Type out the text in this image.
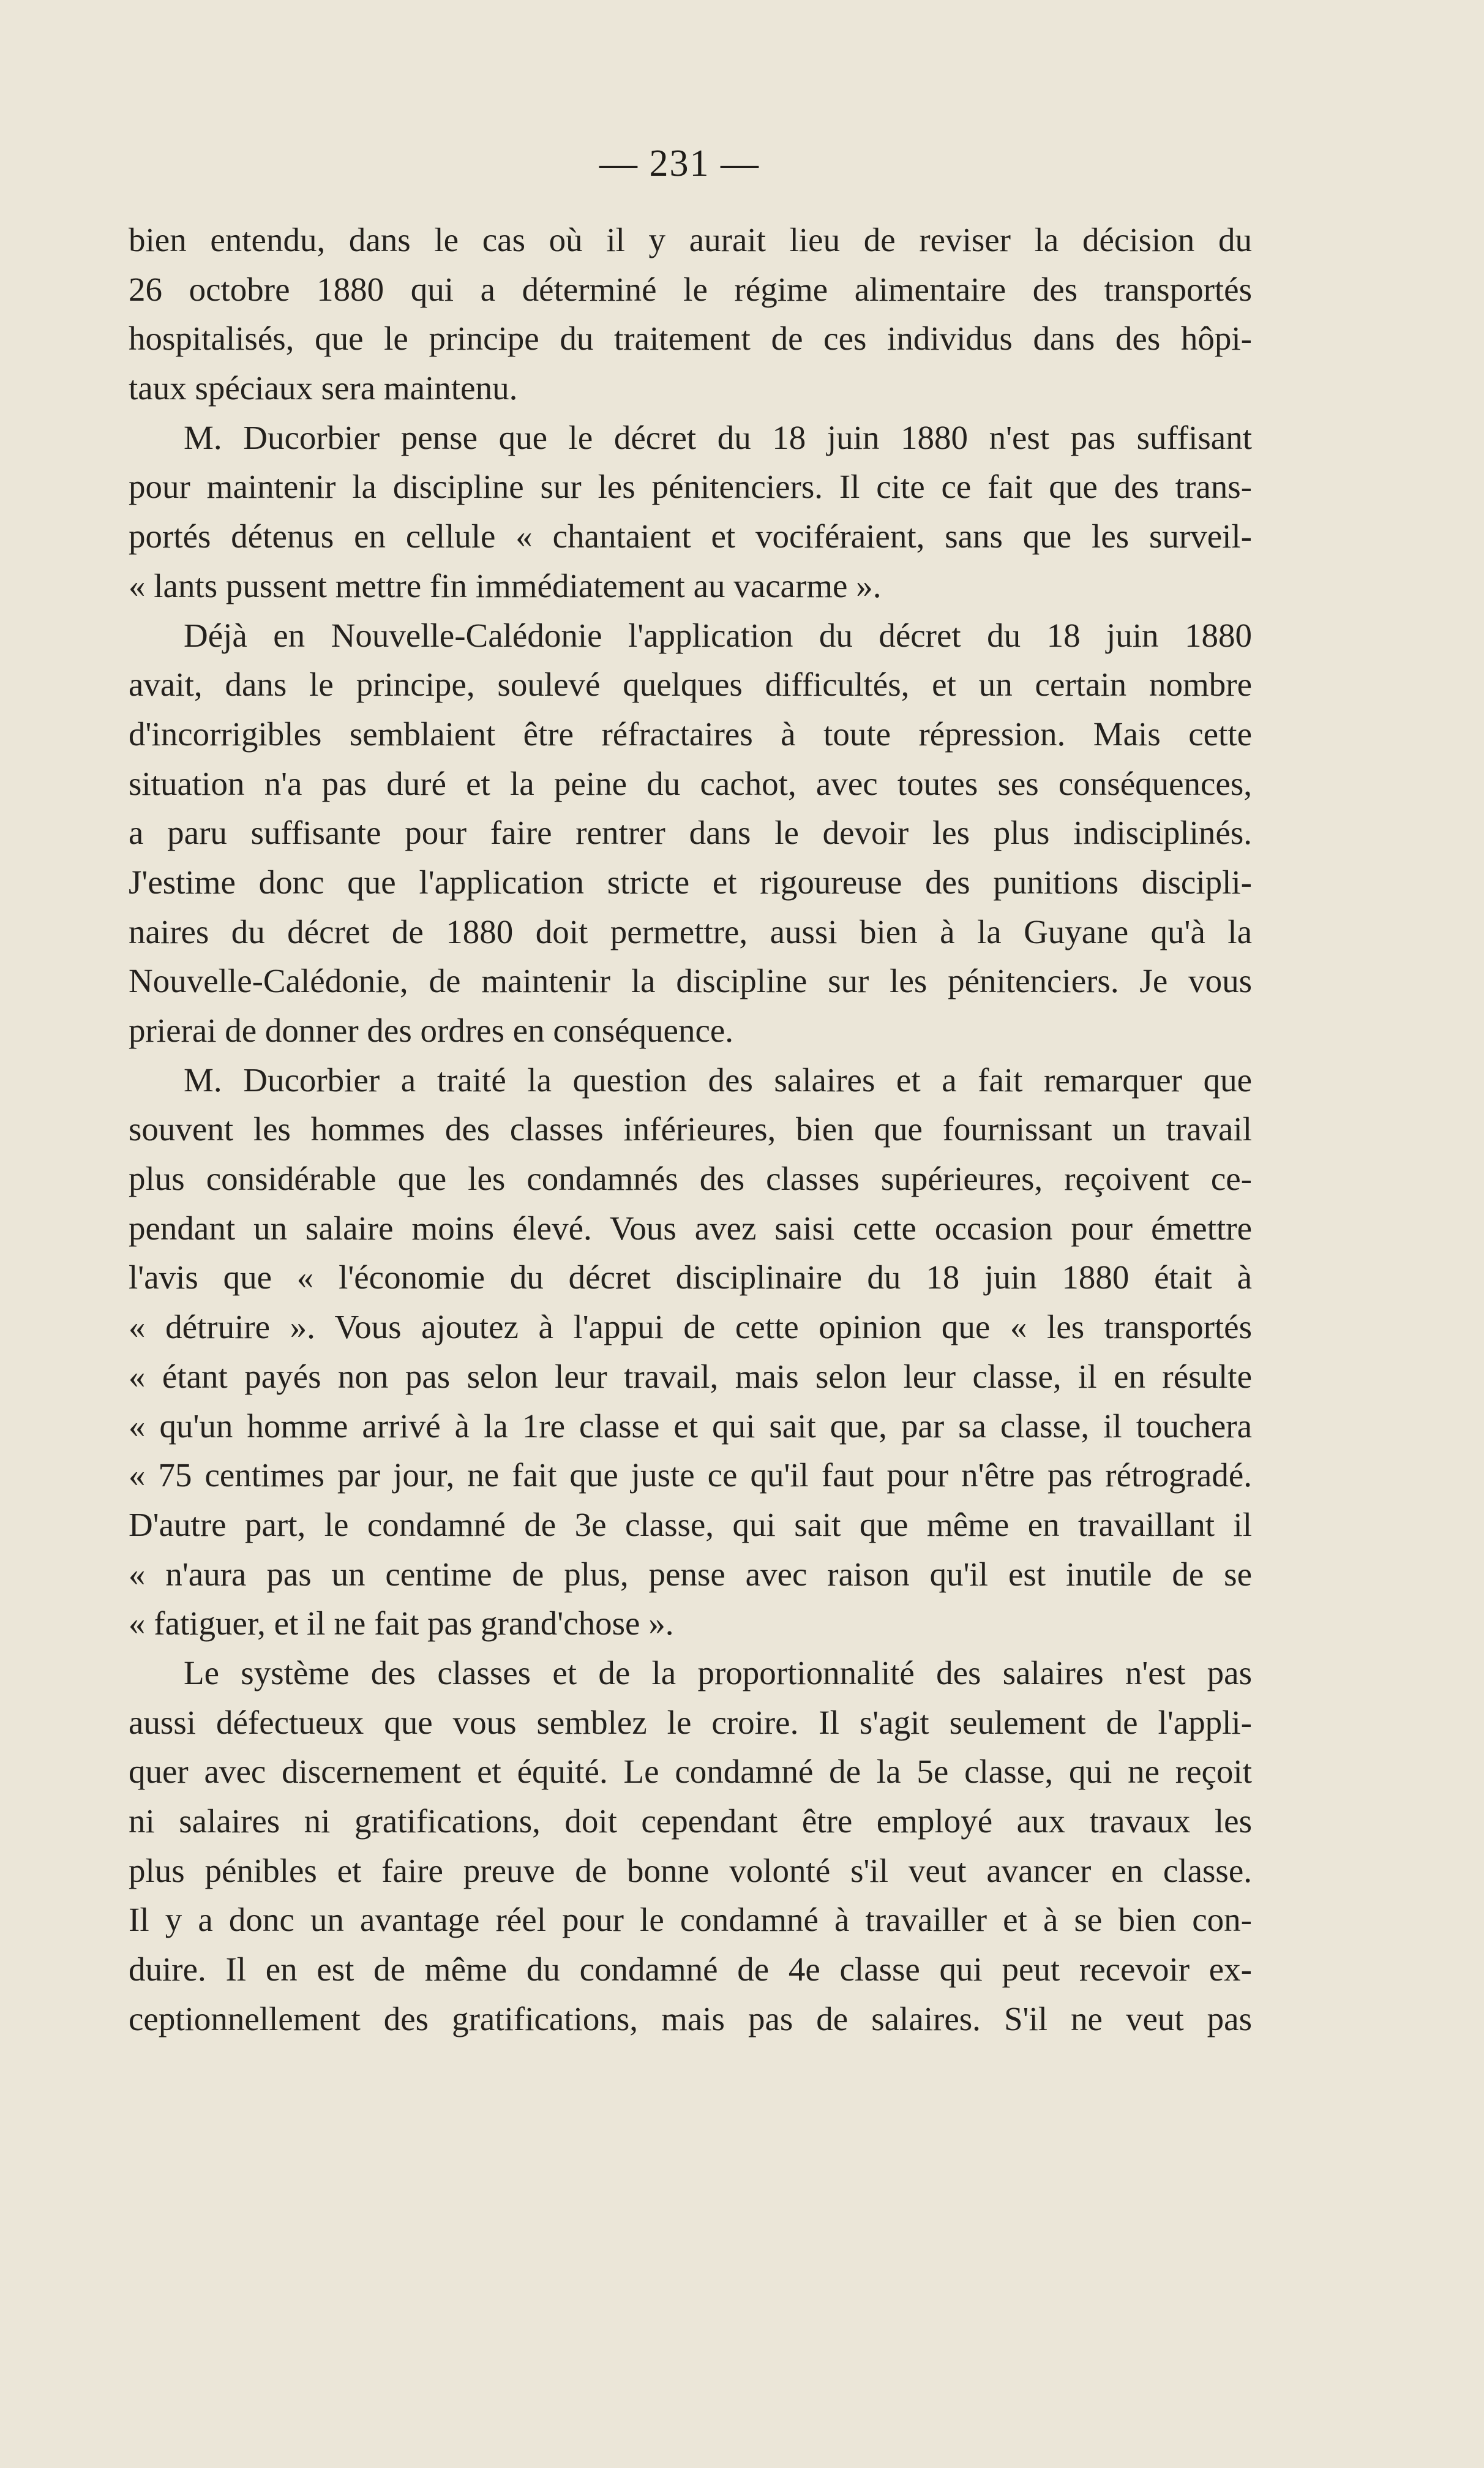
— 231 —
bien entendu, dans le cas où il y aurait lieu de reviser la décision du
26 octobre 1880 qui a déterminé le régime alimentaire des transportés
hospitalisés, que le principe du traitement de ces individus dans des hôpi-
taux spéciaux sera maintenu.
M. Ducorbier pense que le décret du 18 juin 1880 n'est pas suffisant
pour maintenir la discipline sur les pénitenciers. Il cite ce fait que des trans-
portés détenus en cellule « chantaient et vociféraient, sans que les surveil-
« lants pussent mettre fin immédiatement au vacarme ».
Déjà en Nouvelle-Calédonie l'application du décret du 18 juin 1880
avait, dans le principe, soulevé quelques difficultés, et un certain nombre
d'incorrigibles semblaient être réfractaires à toute répression. Mais cette
situation n'a pas duré et la peine du cachot, avec toutes ses conséquences,
a paru suffisante pour faire rentrer dans le devoir les plus indisciplinés.
J'estime donc que l'application stricte et rigoureuse des punitions discipli-
naires du décret de 1880 doit permettre, aussi bien à la Guyane qu'à la
Nouvelle-Calédonie, de maintenir la discipline sur les pénitenciers. Je vous
prierai de donner des ordres en conséquence.
M. Ducorbier a traité la question des salaires et a fait remarquer que
souvent les hommes des classes inférieures, bien que fournissant un travail
plus considérable que les condamnés des classes supérieures, reçoivent ce-
pendant un salaire moins élevé. Vous avez saisi cette occasion pour émettre
l'avis que « l'économie du décret disciplinaire du 18 juin 1880 était à
« détruire ». Vous ajoutez à l'appui de cette opinion que « les transportés
« étant payés non pas selon leur travail, mais selon leur classe, il en résulte
« qu'un homme arrivé à la 1re classe et qui sait que, par sa classe, il touchera
« 75 centimes par jour, ne fait que juste ce qu'il faut pour n'être pas rétrogradé.
D'autre part, le condamné de 3e classe, qui sait que même en travaillant il
« n'aura pas un centime de plus, pense avec raison qu'il est inutile de se
« fatiguer, et il ne fait pas grand'chose ».
Le système des classes et de la proportionnalité des salaires n'est pas
aussi défectueux que vous semblez le croire. Il s'agit seulement de l'appli-
quer avec discernement et équité. Le condamné de la 5e classe, qui ne reçoit
ni salaires ni gratifications, doit cependant être employé aux travaux les
plus pénibles et faire preuve de bonne volonté s'il veut avancer en classe.
Il y a donc un avantage réel pour le condamné à travailler et à se bien con-
duire. Il en est de même du condamné de 4e classe qui peut recevoir ex-
ceptionnellement des gratifications, mais pas de salaires. S'il ne veut pas
